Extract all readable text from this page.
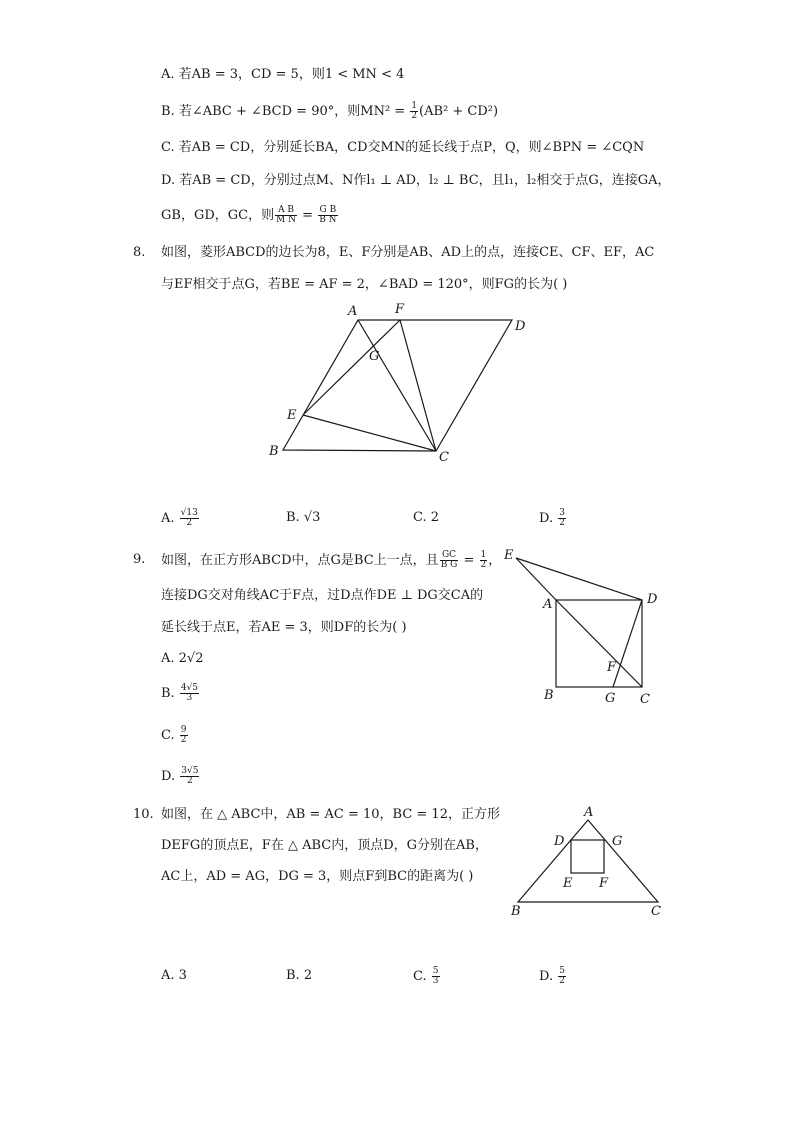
A. 若AB = 3，CD = 5，则1 < MN < 4
B. 若∠ABC + ∠BCD = 90°，则$MN^2 = \frac{1}{2} (AB^2 + CD^2)$
C. 若AB = CD，分别延长BA，CD交MN的延长线于点P，Q，则∠BPN = ∠CQN
D. 若AB = CD，分别过点M、N作l₁ ⊥ AD，l₂ ⊥ BC，且l₁，l₂相交于点G，连接GA，
GB，GD，GC，则 $\frac{\text{A B}}{\text{M N}} = \frac{\text{G B}}{\text{B N}}$
8. 如图，菱形ABCD的边长为8，E、F分别是AB、AD上的点，连接CE、CF、EF，AC
与EF相交于点G，若BE = AF = 2，∠BAD = 120°，则FG的长为( )
A	F
D
G
E
B	C
A. $\frac{√13}{2}$	B. √3	C. 2	D. $\frac{3}{2}$
9. 如图，在正方形ABCD中，点G是BC上一点，且 $\frac{GC}{\text{B G}} = \frac{1}{2}$ ，
连接DG交对角线AC于F点，过D点作DE ⊥ DG交CA的
延长线于点E，若AE = 3，则DF的长为( )
E
A	D
F
B	G C
A. 2√2
B. $\frac{4√5}{3}$
C. $\frac{9}{2}$
D. $\frac{3√5}{2}$
10. 如图，在 △ ABC中，AB = AC = 10，BC = 12，正方形
DEFG的顶点E，F在 △ ABC内，顶点D，G分别在AB，
AC上，AD = AG，DG = 3，则点F到BC的距离为( )
A
D	G
E F
B	C
A. 3	B. 2	C. $\frac{5}{3}$	D. $\frac{5}{2}$
